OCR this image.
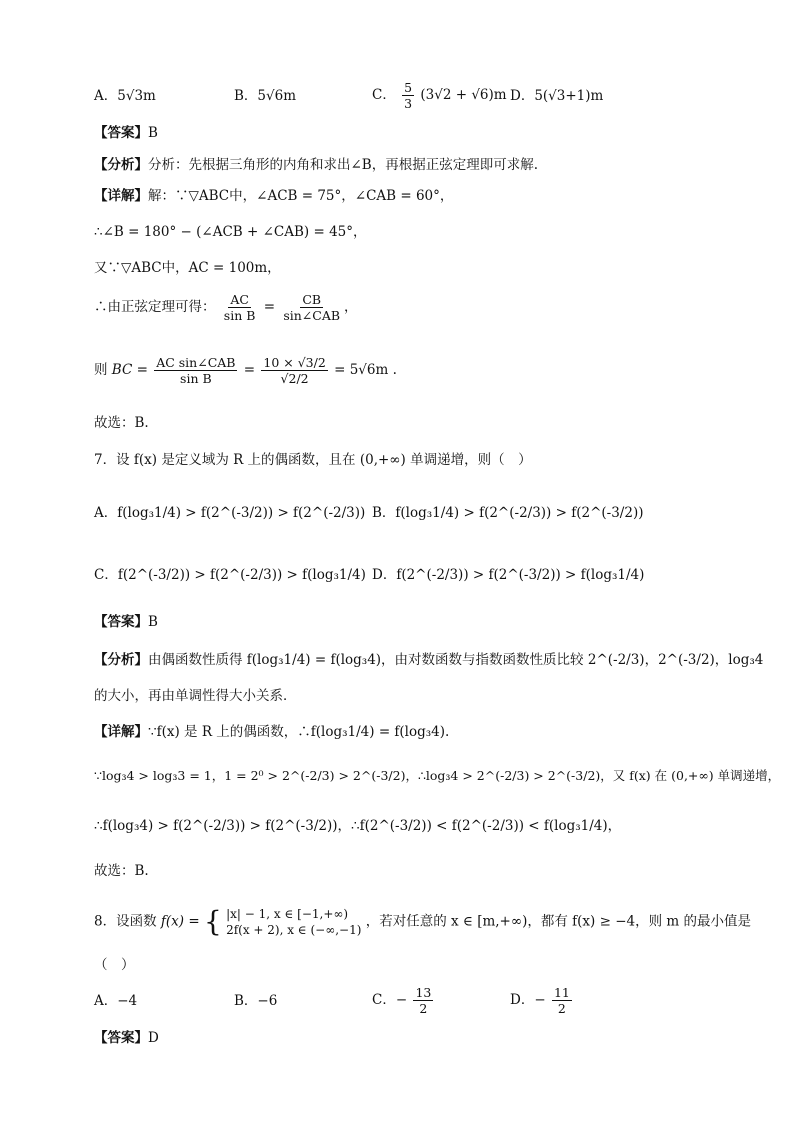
A．5√3m	B．5√6m	C． $\frac{5}{3} (3√2 + √6)m$ D．5(√3+1)m
【答案】B
【分析】分析：先根据三角形的内角和求出∠B，再根据正弦定理即可求解.
【详解】解：∵▽ABC中，∠ACB = 75°，∠CAB = 60°，
∴∠B = 180° − (∠ACB + ∠CAB) = 45°，
又∵▽ABC中，AC = 100m，
∴由正弦定理可得： $\frac{AC}{\text{sin B}} = \frac{CB}{\text{sin∠CAB}}$ ，
则 BC = $\frac{\text{AC sin∠CAB}}{\text{sin B}} = \frac{10 \times √3/2}{√2/2} = 5√6m$ .
故选：B.
7．设 f(x) 是定义域为 R 上的偶函数，且在 (0,+∞) 单调递增，则（　）
A．f(log₃1/4) > f(2^(-3/2)) > f(2^(-2/3)) B．f(log₃1/4) > f(2^(-2/3)) > f(2^(-3/2))
C．f(2^(-3/2)) > f(2^(-2/3)) > f(log₃1/4) D．f(2^(-2/3)) > f(2^(-3/2)) > f(log₃1/4)
【答案】B
【分析】由偶函数性质得 f(log₃1/4) = f(log₃4)，由对数函数与指数函数性质比较 2^(-2/3)，2^(-3/2)，log₃4
的大小，再由单调性得大小关系．
【详解】∵f(x) 是 R 上的偶函数，∴f(log₃1/4) = f(log₃4).
∵log₃4 > log₃3 = 1，1 = 2⁰ > 2^(-2/3) > 2^(-3/2)，∴log₃4 > 2^(-2/3) > 2^(-3/2)，又 f(x) 在 (0,+∞) 单调递增，
∴f(log₃4) > f(2^(-2/3)) > f(2^(-3/2))，∴f(2^(-3/2)) < f(2^(-2/3)) < f(log₃1/4)，
故选：B.
8．设函数 f(x) = { |x| − 1, x ∈ [−1,+∞)
2f(x + 2), x ∈ (−∞,−1)
，若对任意的 x ∈ [m,+∞)，都有 f(x) ≥ −4，则 m 的最小值是
（　）
A．−4	B．−6	C．− $\frac{13}{2}$	D．− $\frac{11}{2}$
【答案】D
